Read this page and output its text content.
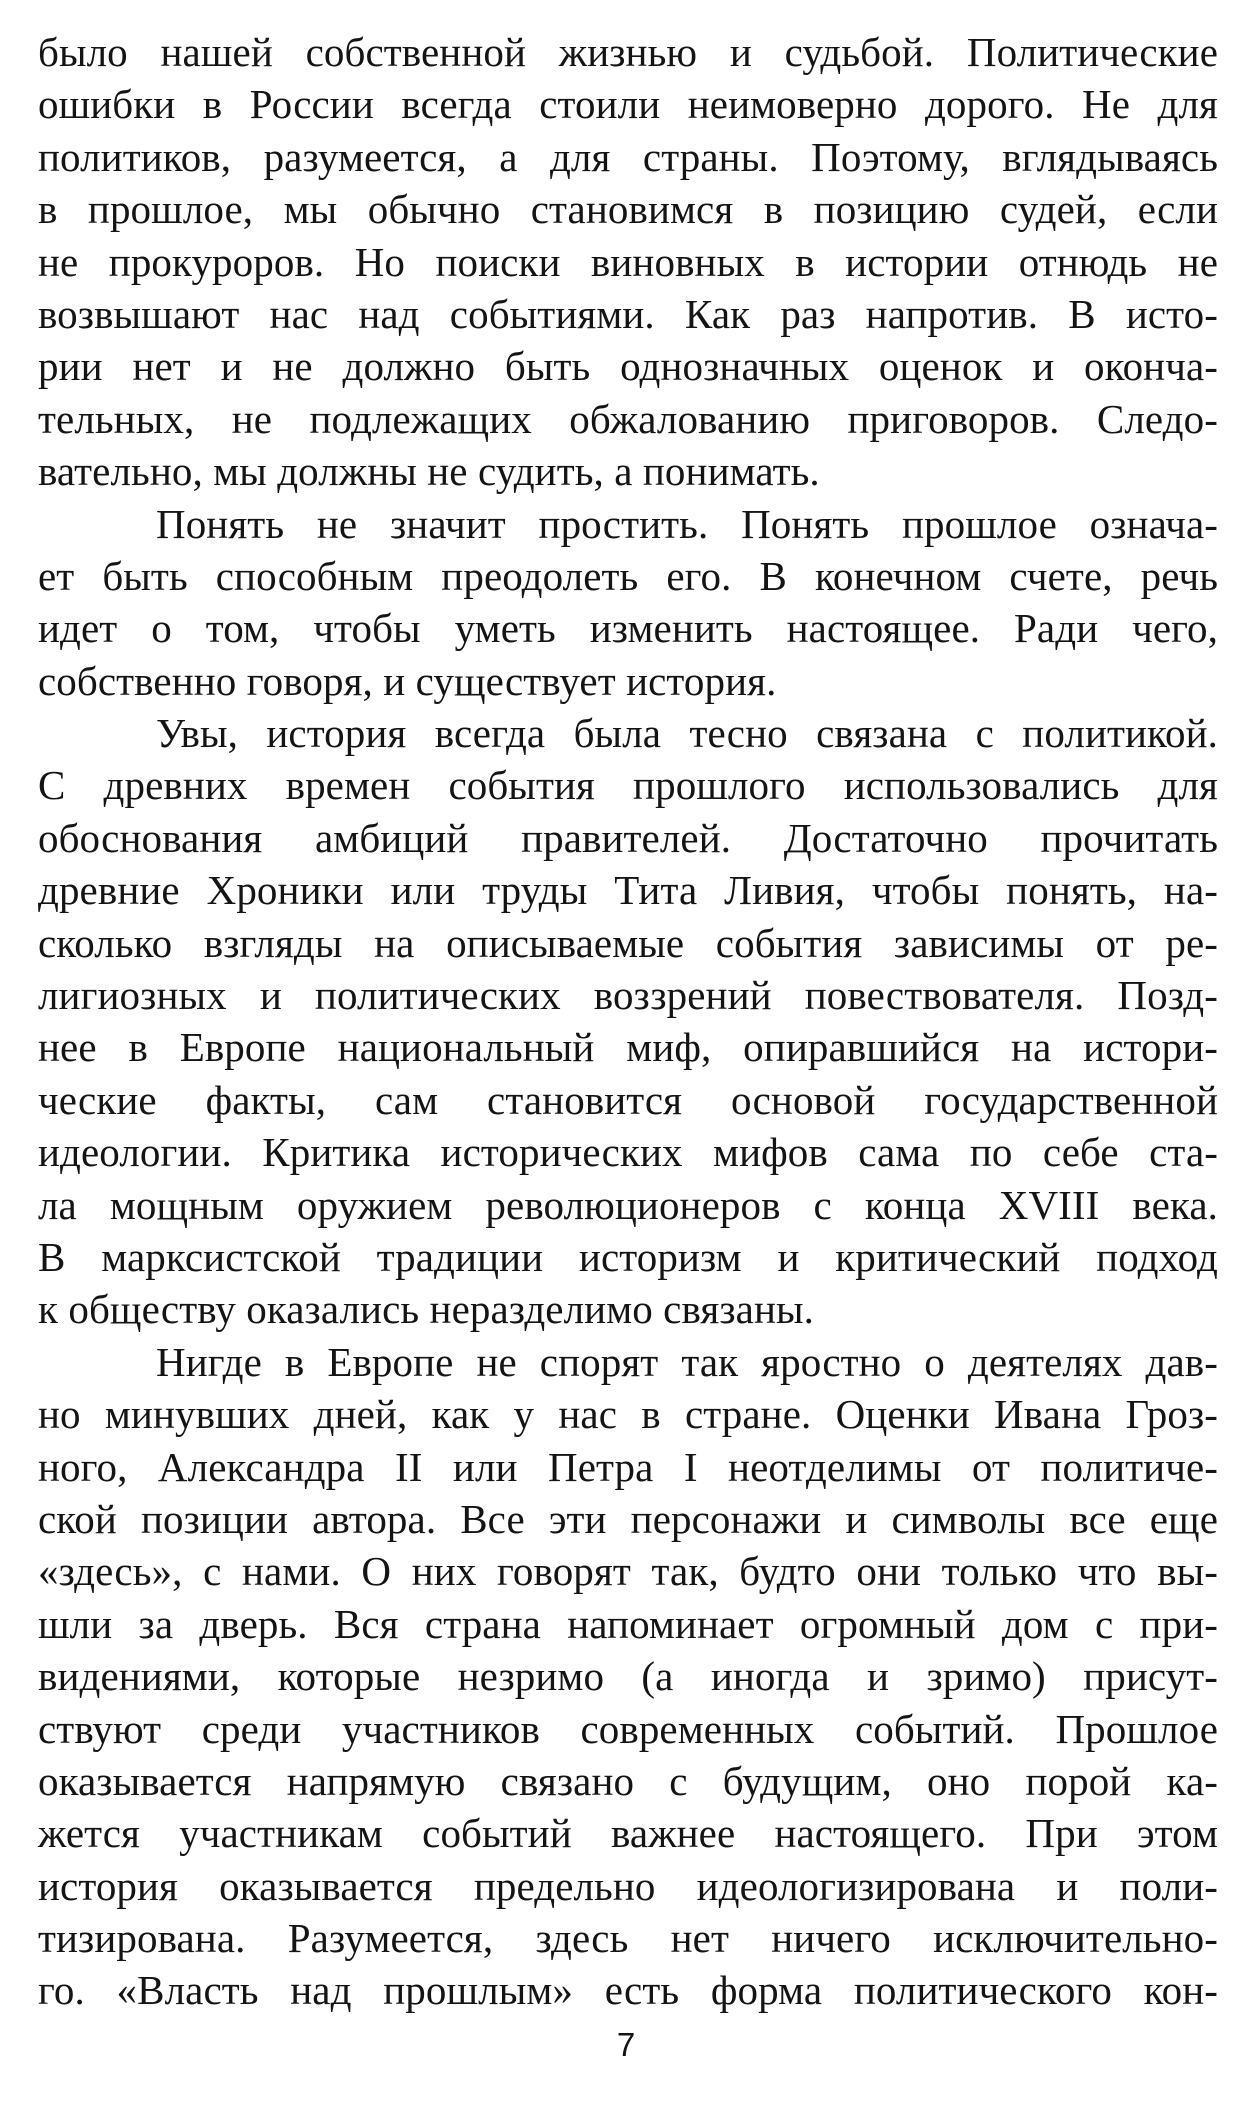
было нашей собственной жизнью и судьбой. Политические
ошибки в России всегда стоили неимоверно дорого. Не для
политиков, разумеется, а для страны. Поэтому, вглядываясь
в прошлое, мы обычно становимся в позицию судей, если
не прокуроров. Но поиски виновных в истории отнюдь не
возвышают нас над событиями. Как раз напротив. В исто-
рии нет и не должно быть однозначных оценок и оконча-
тельных, не подлежащих обжалованию приговоров. Следо-
вательно, мы должны не судить, а понимать.
Понять не значит простить. Понять прошлое означа-
ет быть способным преодолеть его. В конечном счете, речь
идет о том, чтобы уметь изменить настоящее. Ради чего,
собственно говоря, и существует история.
Увы, история всегда была тесно связана с политикой.
С древних времен события прошлого использовались для
обоснования амбиций правителей. Достаточно прочитать
древние Хроники или труды Тита Ливия, чтобы понять, на-
сколько взгляды на описываемые события зависимы от ре-
лигиозных и политических воззрений повествователя. Позд-
нее в Европе национальный миф, опиравшийся на истори-
ческие факты, сам становится основой государственной
идеологии. Критика исторических мифов сама по себе ста-
ла мощным оружием революционеров с конца XVIII века.
В марксистской традиции историзм и критический подход
к обществу оказались неразделимо связаны.
Нигде в Европе не спорят так яростно о деятелях дав-
но минувших дней, как у нас в стране. Оценки Ивана Гроз-
ного, Александра II или Петра I неотделимы от политиче-
ской позиции автора. Все эти персонажи и символы все еще
«здесь», с нами. О них говорят так, будто они только что вы-
шли за дверь. Вся страна напоминает огромный дом с при-
видениями, которые незримо (а иногда и зримо) присут-
ствуют среди участников современных событий. Прошлое
оказывается напрямую связано с будущим, оно порой ка-
жется участникам событий важнее настоящего. При этом
история оказывается предельно идеологизирована и поли-
тизирована. Разумеется, здесь нет ничего исключительно-
го. «Власть над прошлым» есть форма политического кон-
7
